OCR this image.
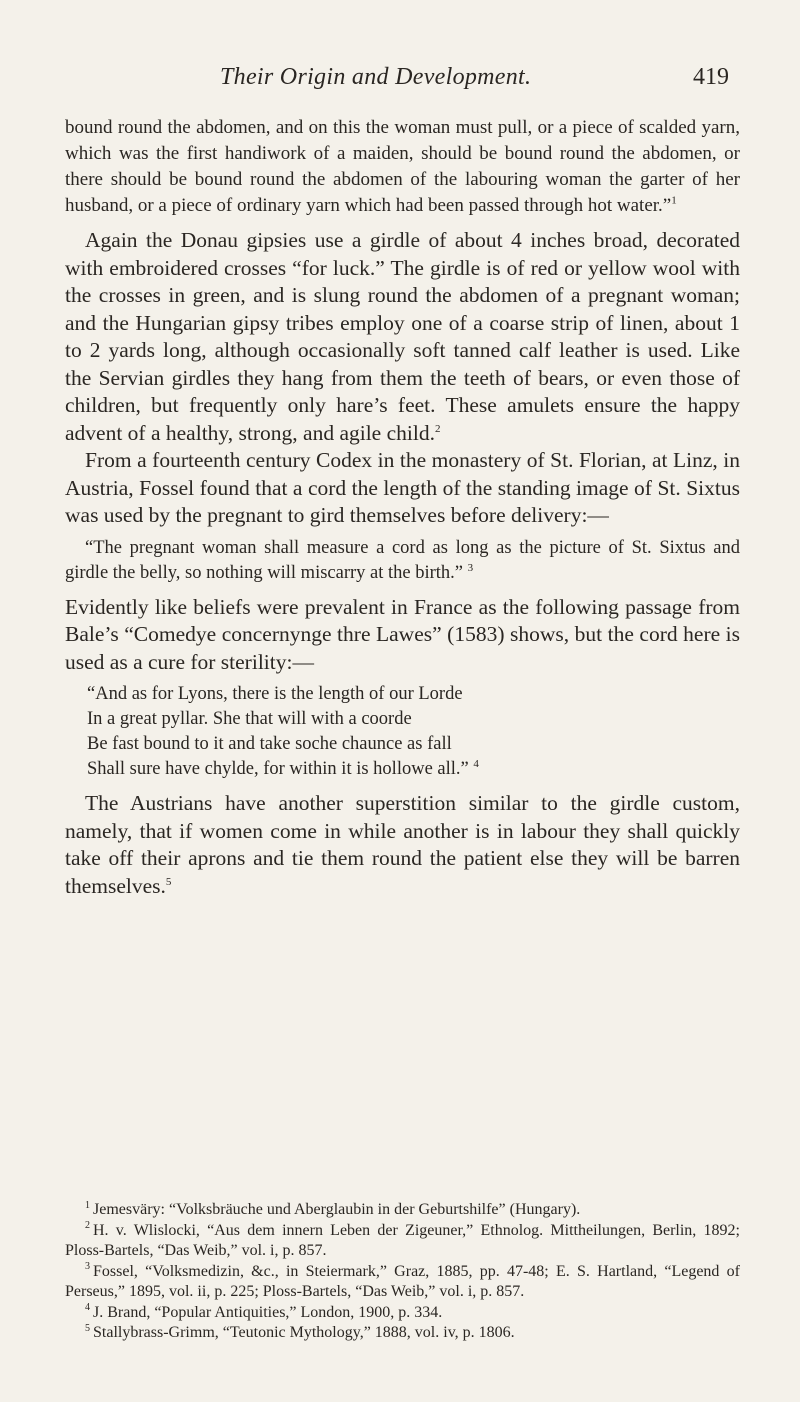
Their Origin and Development.	419

bound round the abdomen, and on this the woman must pull, or a piece of scalded yarn, which was the first handiwork of a maiden, should be bound round the abdomen, or there should be bound round the abdomen of the labouring woman the garter of her husband, or a piece of ordinary yarn which had been passed through hot water.”$^1$

Again the Donau gipsies use a girdle of about 4 inches broad, decorated with embroidered crosses “for luck.” The girdle is of red or yellow wool with the crosses in green, and is slung round the abdomen of a pregnant woman; and the Hungarian gipsy tribes employ one of a coarse strip of linen, about 1 to 2 yards long, although occasionally soft tanned calf leather is used. Like the Servian girdles they hang from them the teeth of bears, or even those of children, but frequently only hare’s feet. These amulets ensure the happy advent of a healthy, strong, and agile child.$^2$

From a fourteenth century Codex in the monastery of St. Florian, at Linz, in Austria, Fossel found that a cord the length of the standing image of St. Sixtus was used by the pregnant to gird themselves before delivery:—

“The pregnant woman shall measure a cord as long as the picture of St. Sixtus and girdle the belly, so nothing will miscarry at the birth.” $^3$

Evidently like beliefs were prevalent in France as the following passage from Bale’s “Comedye concernynge thre Lawes” (1583) shows, but the cord here is used as a cure for sterility:—

“And as for Lyons, there is the length of our Lorde
In a great pyllar. She that will with a coorde
Be fast bound to it and take soche chaunce as fall
Shall sure have chylde, for within it is hollowe all.” $^4$

The Austrians have another superstition similar to the girdle custom, namely, that if women come in while another is in labour they shall quickly take off their aprons and tie them round the patient else they will be barren themselves.$^5$

$^1$ Jemesväry: “Volksbräuche und Aberglaubin in der Geburtshilfe” (Hungary).

$^2$ H. v. Wlislocki, “Aus dem innern Leben der Zigeuner,” Ethnolog. Mittheilungen, Berlin, 1892; Ploss-Bartels, “Das Weib,” vol. i, p. 857.

$^3$ Fossel, “Volksmedizin, &c., in Steiermark,” Graz, 1885, pp. 47-48; E. S. Hartland, “Legend of Perseus,” 1895, vol. ii, p. 225; Ploss-Bartels, “Das Weib,” vol. i, p. 857.

$^4$ J. Brand, “Popular Antiquities,” London, 1900, p. 334.

$^5$ Stallybrass-Grimm, “Teutonic Mythology,” 1888, vol. iv, p. 1806.
